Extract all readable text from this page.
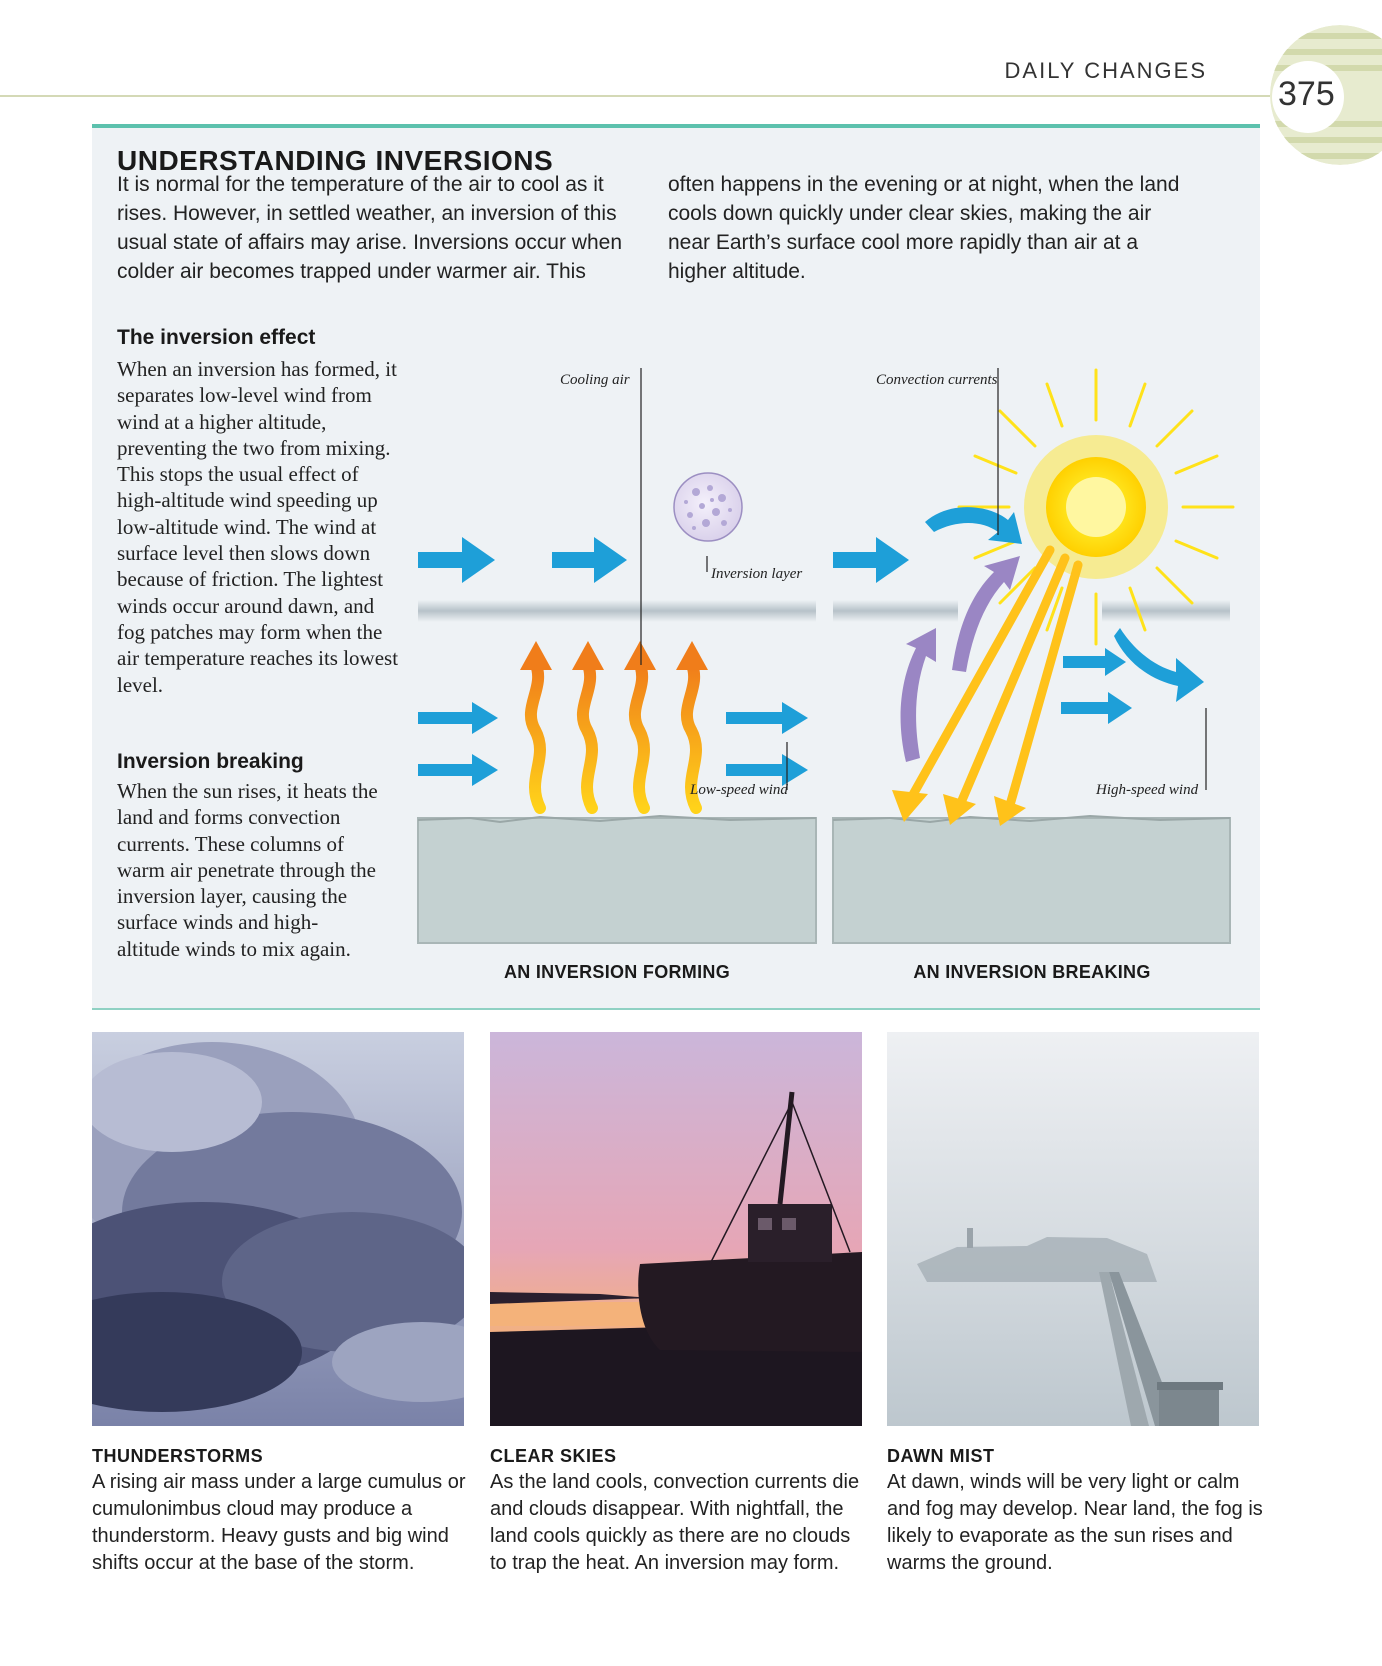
DAILY CHANGES
375
UNDERSTANDING INVERSIONS

It is normal for the temperature of the air to cool as it rises. However, in settled weather, an inversion of this usual state of affairs may arise. Inversions occur when colder air becomes trapped under warmer air. This

often happens in the evening or at night, when the land cools down quickly under clear skies, making the air near Earth’s surface cool more rapidly than air at a higher altitude.

The inversion effect

When an inversion has formed, it separates low-level wind from wind at a higher altitude, preventing the two from mixing. This stops the usual effect of high-altitude wind speeding up low-altitude wind. The wind at surface level then slows down because of friction. The lightest winds occur around dawn, and fog patches may form when the air temperature reaches its lowest level.

Inversion breaking

When the sun rises, it heats the land and forms convection currents. These columns of warm air penetrate through the inversion layer, causing the surface winds and high-altitude winds to mix again.

Cooling air	Convection currents
Inversion layer
Low-speed wind	High-speed wind
AN INVERSION FORMING	AN INVERSION BREAKING
THUNDERSTORMS

A rising air mass under a large cumulus or cumulonimbus cloud may produce a thunderstorm. Heavy gusts and big wind shifts occur at the base of the storm.

CLEAR SKIES

As the land cools, convection currents die and clouds disappear. With nightfall, the land cools quickly as there are no clouds to trap the heat. An inversion may form.

DAWN MIST

At dawn, winds will be very light or calm and fog may develop. Near land, the fog is likely to evaporate as the sun rises and warms the ground.
